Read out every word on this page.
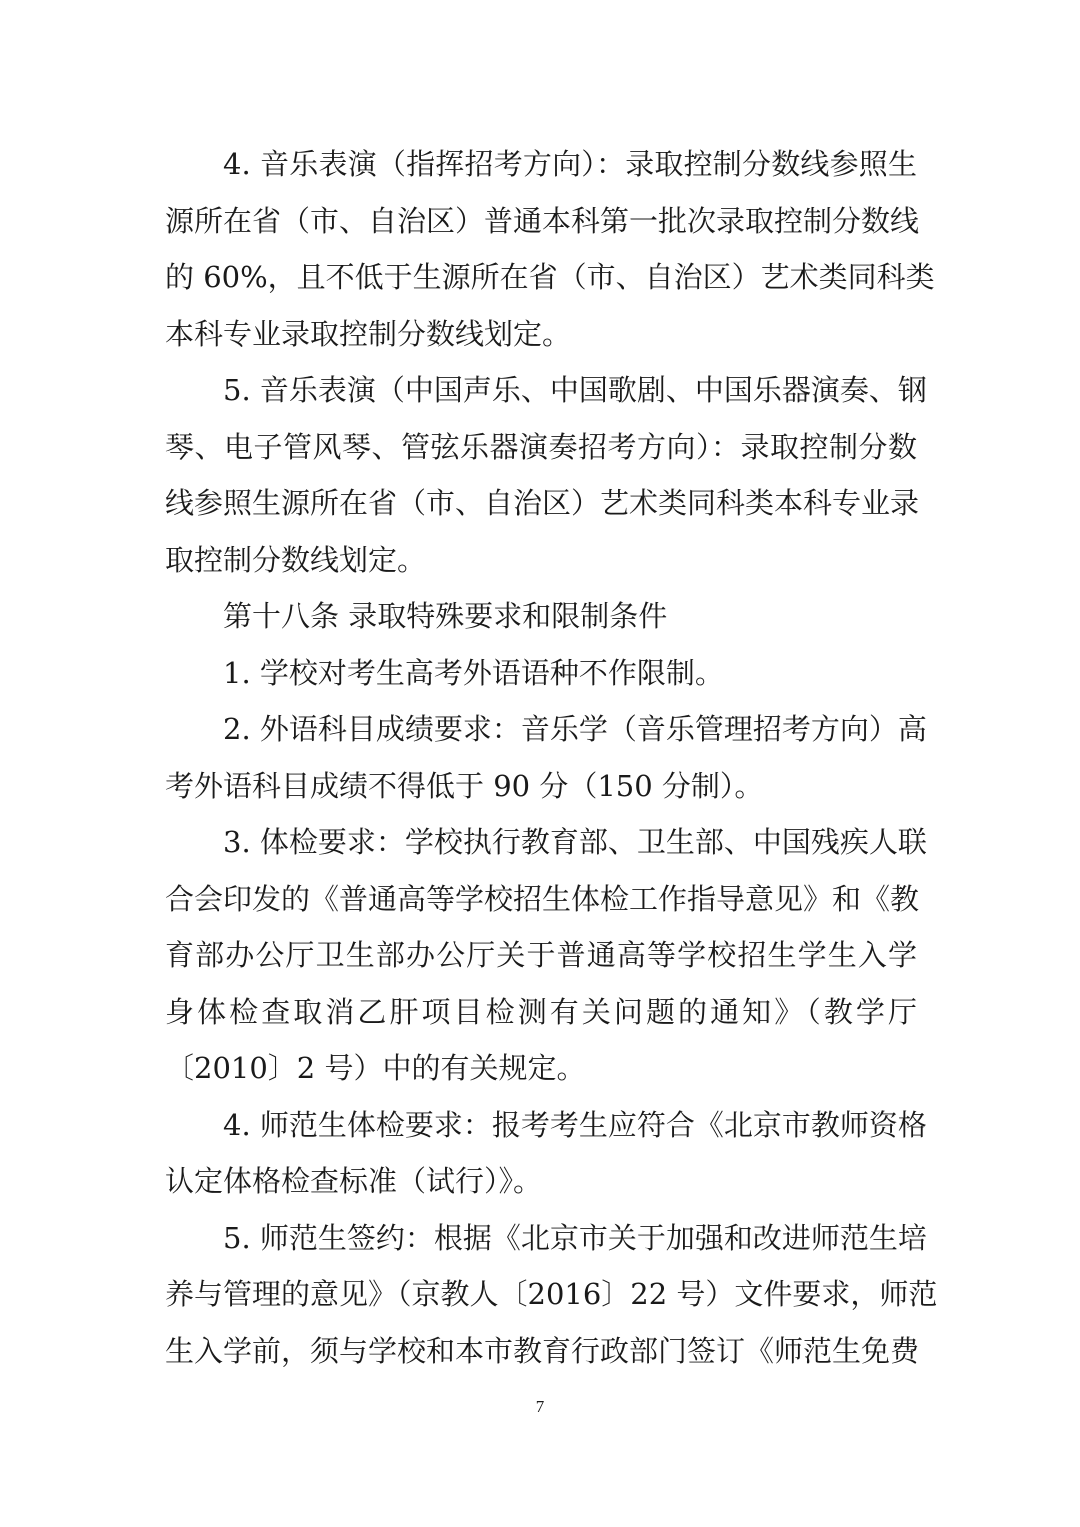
4. 音乐表演（指挥招考方向）：录取控制分数线参照生
源所在省（市、自治区）普通本科第一批次录取控制分数线
的 60%，且不低于生源所在省（市、自治区）艺术类同科类
本科专业录取控制分数线划定。
5. 音乐表演（中国声乐、中国歌剧、中国乐器演奏、钢
琴、电子管风琴、管弦乐器演奏招考方向）：录取控制分数
线参照生源所在省（市、自治区）艺术类同科类本科专业录
取控制分数线划定。
第十八条 录取特殊要求和限制条件
1. 学校对考生高考外语语种不作限制。
2. 外语科目成绩要求：音乐学（音乐管理招考方向）高
考外语科目成绩不得低于 90 分（150 分制）。
3. 体检要求：学校执行教育部、卫生部、中国残疾人联
合会印发的《普通高等学校招生体检工作指导意见》和《教
育部办公厅卫生部办公厅关于普通高等学校招生学生入学
身体检查取消乙肝项目检测有关问题的通知》（教学厅
〔2010〕2 号）中的有关规定。
4. 师范生体检要求：报考考生应符合《北京市教师资格
认定体格检查标准（试行）》。
5. 师范生签约：根据《北京市关于加强和改进师范生培
养与管理的意见》（京教人〔2016〕22 号）文件要求，师范
生入学前，须与学校和本市教育行政部门签订《师范生免费
7
